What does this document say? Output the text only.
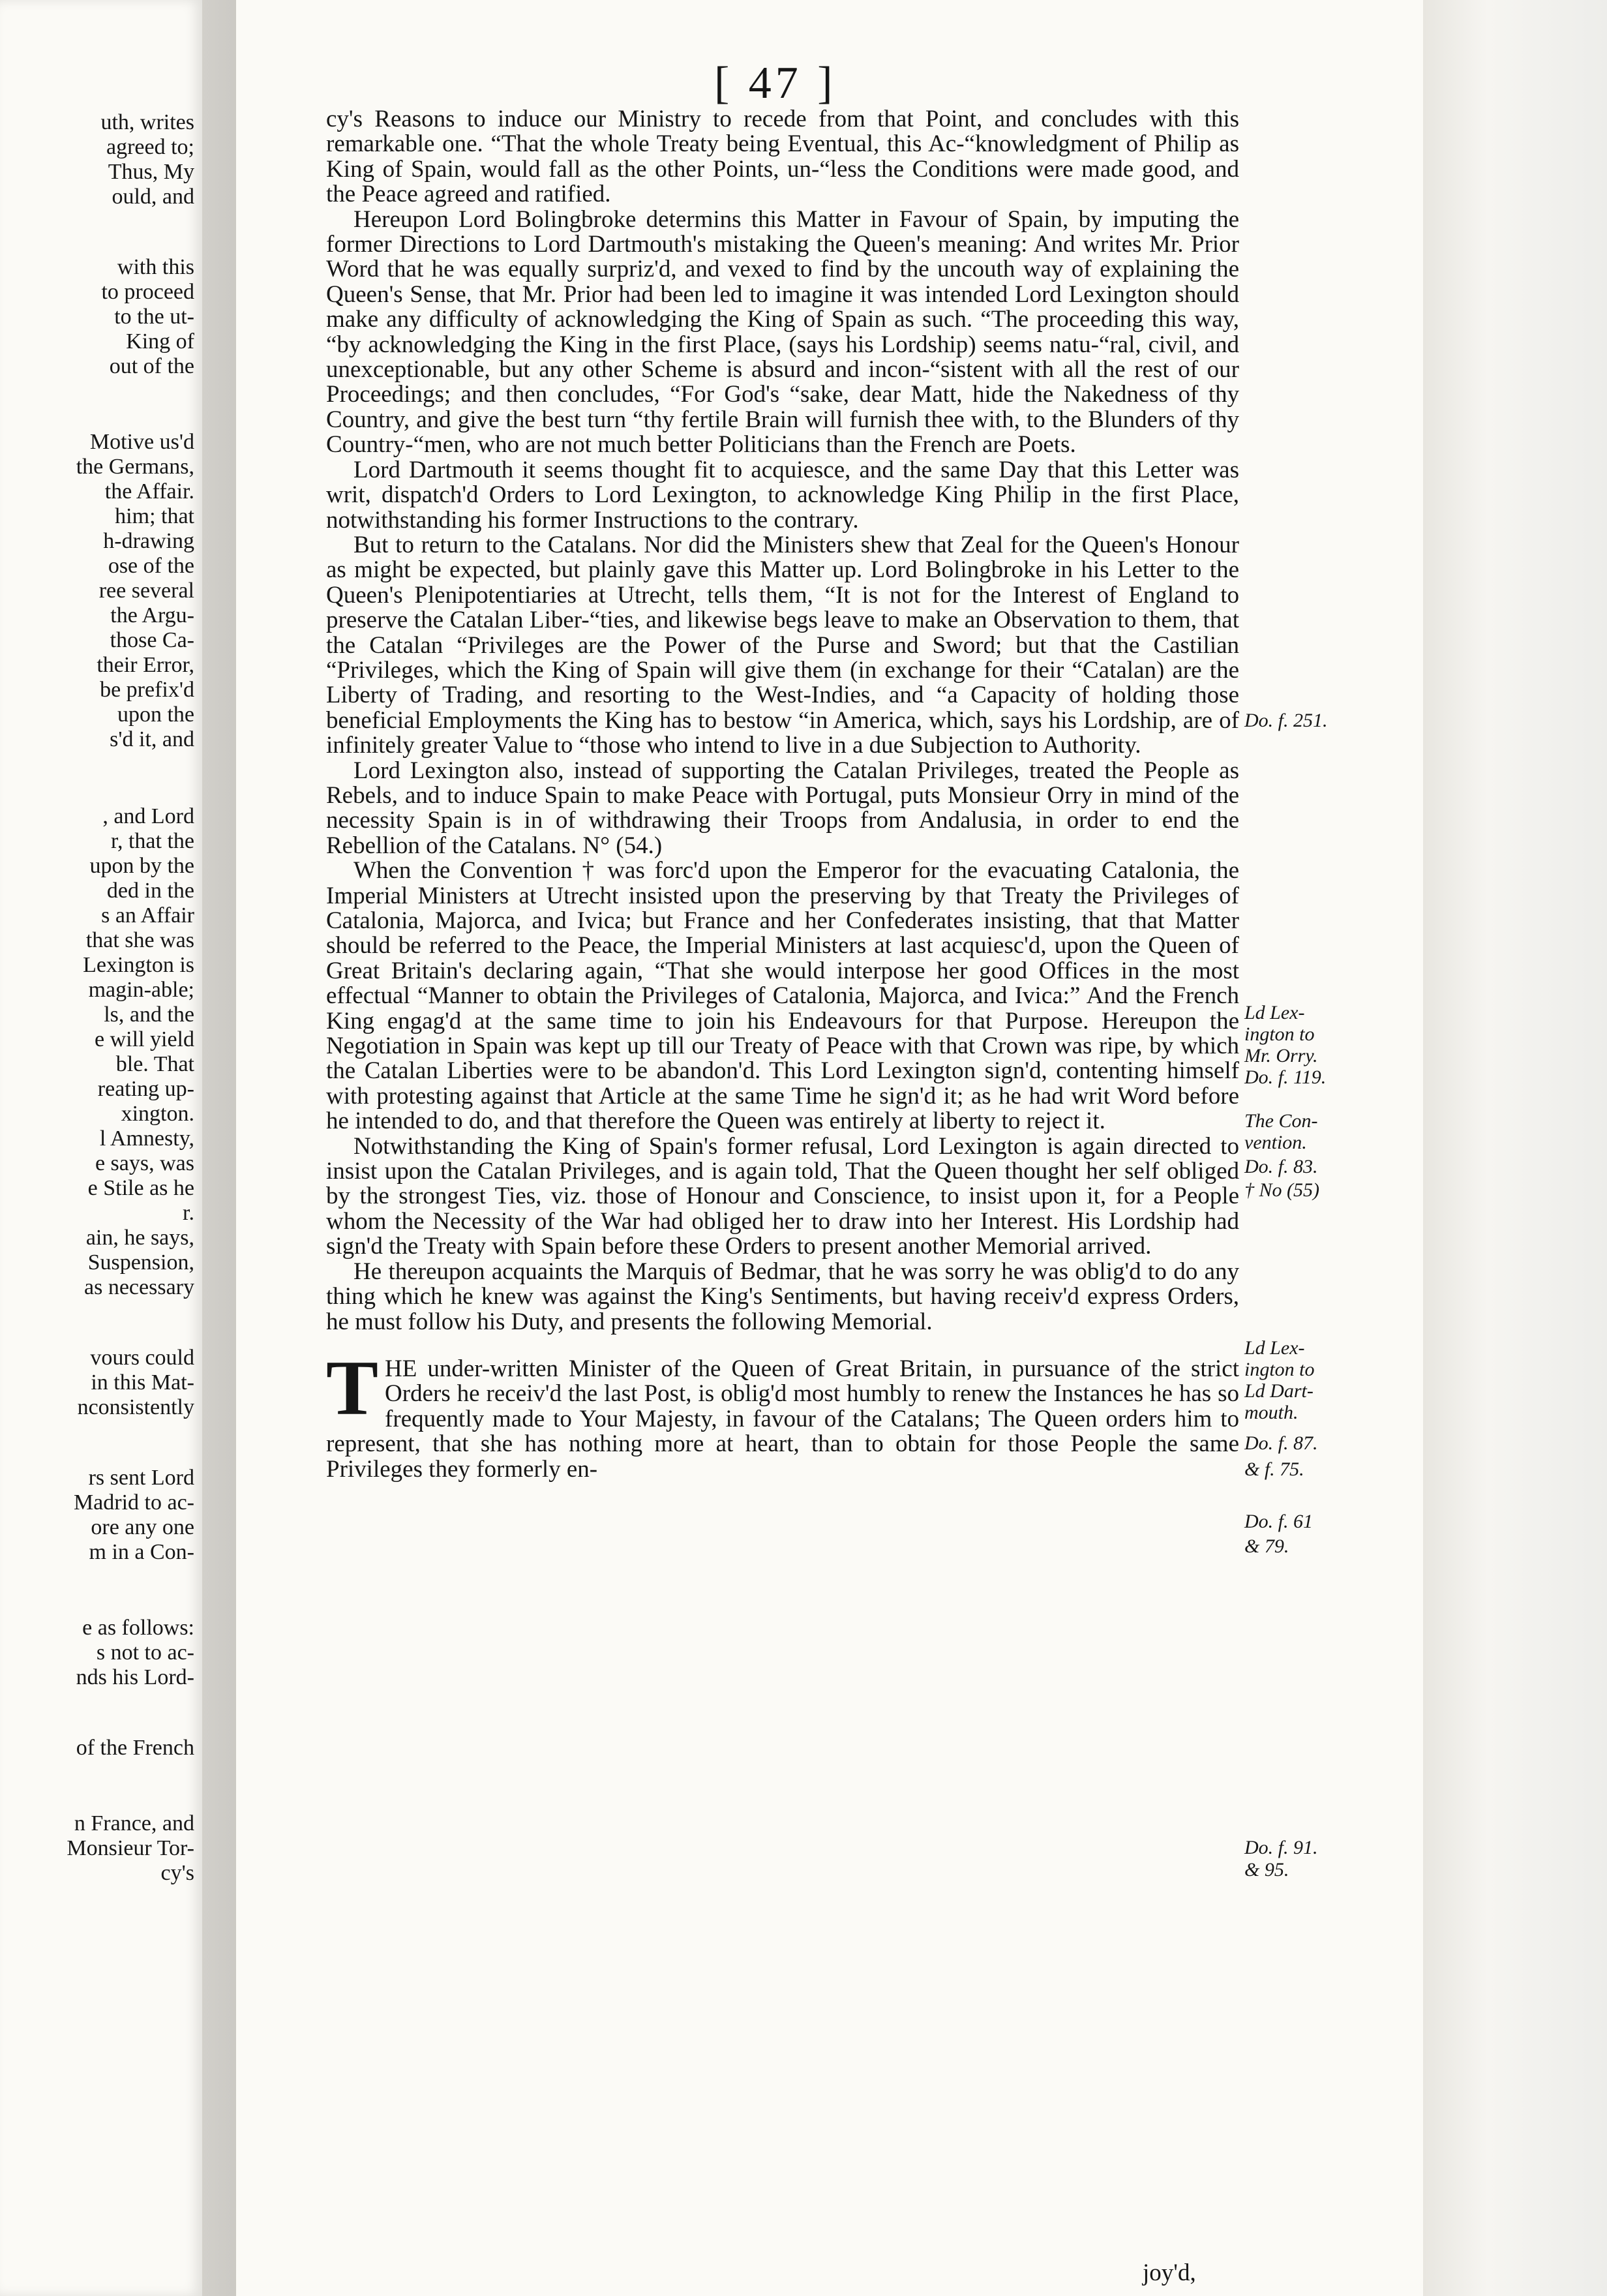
uth, writes
agreed to;
Thus, My
ould, and
with this
to proceed
to the ut-
King of
out of the
Motive us'd
the Germans,
the Affair.
him; that
h-drawing
ose of the
ree several
the Argu-
those Ca-
their Error,
be prefix'd
upon the
s'd it, and
, and Lord
r, that the
upon by the
ded in the
s an Affair
that she was
Lexington is
magin-able;
ls, and the
e will yield
ble. That
reating up-
xington.
l Amnesty,
e says, was
e Stile as he
r.
ain, he says,
Suspension,
as necessary
vours could
in this Mat-
nconsistently
rs sent Lord
Madrid to ac-
ore any one
m in a Con-
e as follows:
s not to ac-
nds his Lord-
of the French
n France, and
Monsieur Tor-
cy's
[ 47 ]

cy's Reasons to induce our Ministry to recede from that Point, and concludes with this remarkable one. “That the whole Treaty being Eventual, this Ac-“knowledgment of Philip as King of Spain, would fall as the other Points, un-“less the Conditions were made good, and the Peace agreed and ratified.

Hereupon Lord Bolingbroke determins this Matter in Favour of Spain, by imputing the former Directions to Lord Dartmouth's mistaking the Queen's meaning: And writes Mr. Prior Word that he was equally surpriz'd, and vexed to find by the uncouth way of explaining the Queen's Sense, that Mr. Prior had been led to imagine it was intended Lord Lexington should make any difficulty of acknowledging the King of Spain as such. “The proceeding this way, “by acknowledging the King in the first Place, (says his Lordship) seems natu-“ral, civil, and unexceptionable, but any other Scheme is absurd and incon-“sistent with all the rest of our Proceedings; and then concludes, “For God's “sake, dear Matt, hide the Nakedness of thy Country, and give the best turn “thy fertile Brain will furnish thee with, to the Blunders of thy Country-“men, who are not much better Politicians than the French are Poets.

Lord Dartmouth it seems thought fit to acquiesce, and the same Day that this Letter was writ, dispatch'd Orders to Lord Lexington, to acknowledge King Philip in the first Place, notwithstanding his former Instructions to the contrary.

But to return to the Catalans. Nor did the Ministers shew that Zeal for the Queen's Honour as might be expected, but plainly gave this Matter up. Lord Bolingbroke in his Letter to the Queen's Plenipotentiaries at Utrecht, tells them, “It is not for the Interest of England to preserve the Catalan Liber-“ties, and likewise begs leave to make an Observation to them, that the Catalan “Privileges are the Power of the Purse and Sword; but that the Castilian “Privileges, which the King of Spain will give them (in exchange for their “Catalan) are the Liberty of Trading, and resorting to the West-Indies, and “a Capacity of holding those beneficial Employments the King has to bestow “in America, which, says his Lordship, are of infinitely greater Value to “those who intend to live in a due Subjection to Authority.

Lord Lexington also, instead of supporting the Catalan Privileges, treated the People as Rebels, and to induce Spain to make Peace with Portugal, puts Monsieur Orry in mind of the necessity Spain is in of withdrawing their Troops from Andalusia, in order to end the Rebellion of the Catalans. N° (54.)

When the Convention † was forc'd upon the Emperor for the evacuating Catalonia, the Imperial Ministers at Utrecht insisted upon the preserving by that Treaty the Privileges of Catalonia, Majorca, and Ivica; but France and her Confederates insisting, that that Matter should be referred to the Peace, the Imperial Ministers at last acquiesc'd, upon the Queen of Great Britain's declaring again, “That she would interpose her good Offices in the most effectual “Manner to obtain the Privileges of Catalonia, Majorca, and Ivica:” And the French King engag'd at the same time to join his Endeavours for that Purpose. Hereupon the Negotiation in Spain was kept up till our Treaty of Peace with that Crown was ripe, by which the Catalan Liberties were to be abandon'd. This Lord Lexington sign'd, contenting himself with protesting against that Article at the same Time he sign'd it; as he had writ Word before he intended to do, and that therefore the Queen was entirely at liberty to reject it.

Notwithstanding the King of Spain's former refusal, Lord Lexington is again directed to insist upon the Catalan Privileges, and is again told, That the Queen thought her self obliged by the strongest Ties, viz. those of Honour and Conscience, to insist upon it, for a People whom the Necessity of the War had obliged her to draw into her Interest. His Lordship had sign'd the Treaty with Spain before these Orders to present another Memorial arrived.

He thereupon acquaints the Marquis of Bedmar, that he was sorry he was oblig'd to do any thing which he knew was against the King's Sentiments, but having receiv'd express Orders, he must follow his Duty, and presents the following Memorial.

THE under-written Minister of the Queen of Great Britain, in pursuance of the strict Orders he receiv'd the last Post, is oblig'd most humbly to renew the Instances he has so frequently made to Your Majesty, in favour of the Catalans; The Queen orders him to represent, that she has nothing more at heart, than to obtain for those People the same Privileges they formerly en-
Do. f. 251.
Ld Lex-
ington to
Mr. Orry.
Do. f. 119.
The Con-
vention.
Do. f. 83.
† No (55)
Ld Lex-
ington to
Ld Dart-
mouth.
Do. f. 87.
& f. 75.
Do. f. 61
& 79.
Do. f. 91.
& 95.
joy'd,
